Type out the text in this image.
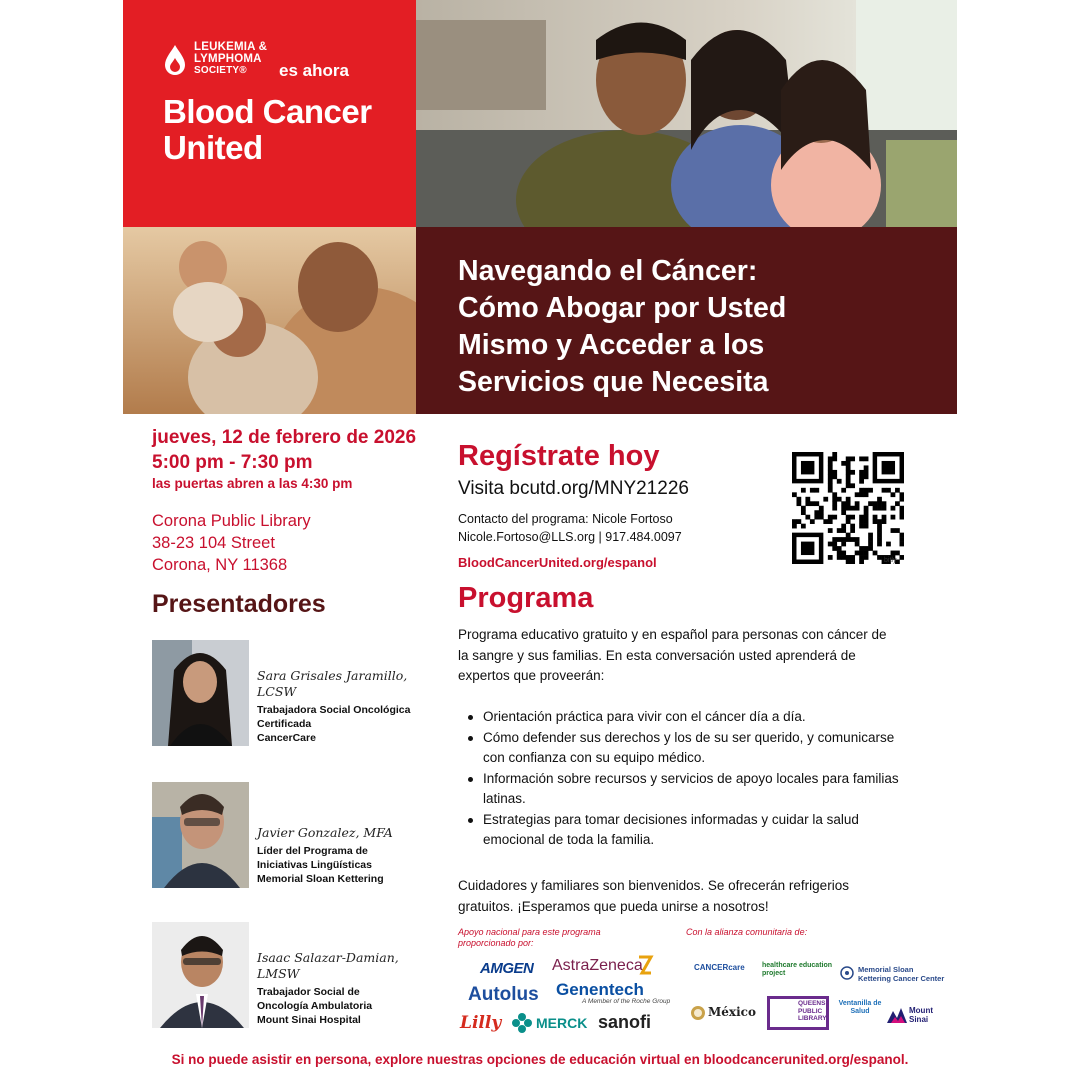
LEUKEMIA &
LYMPHOMA
SOCIETY®	es ahora
Blood Cancer
United
Navegando el Cáncer:
Cómo Abogar por Usted
Mismo y Acceder a los
Servicios que Necesita
jueves, 12 de febrero de 2026
5:00 pm - 7:30 pm
las puertas abren a las 4:30 pm
Corona Public Library
38-23 104 Street
Corona, NY 11368
Presentadores
Sara Grisales Jaramillo,
LCSW
Trabajadora Social Oncológica
Certificada
CancerCare
Javier Gonzalez, MFA
Líder del Programa de
Iniciativas Lingüísticas
Memorial Sloan Kettering
Isaac Salazar-Damian,
LMSW
Trabajador Social de
Oncología Ambulatoria
Mount Sinai Hospital
Regístrate hoy
Visita bcutd.org/MNY21226
Contacto del programa: Nicole Fortoso
Nicole.Fortoso@LLS.org | 917.484.0097
BloodCancerUnited.org/espanol	bitly
Programa
Programa educativo gratuito y en español para personas con cáncer de la sangre y sus familias. En esta conversación usted aprenderá de expertos que proveerán:
Orientación práctica para vivir con el cáncer día a día.
Cómo defender sus derechos y los de su ser querido, y comunicarse con confianza con su equipo médico.
Información sobre recursos y servicios de apoyo locales para familias latinas.
Estrategias para tomar decisiones informadas y cuidar la salud emocional de toda la familia.
Cuidadores y familiares son bienvenidos. Se ofrecerán refrigerios gratuitos. ¡Esperamos que pueda unirse a nosotros!
Apoyo nacional para este programa
proporcionado por:
AMGEN AstraZeneca
Autolus Genentech
A Member of the Roche Group
Lilly MERCK sanofi
Con la alianza comunitaria de:
CANCERcare healthcare education project	Memorial Sloan Kettering Cancer Center
México
QUEENS PUBLIC LIBRARY
Ventanilla de Salud	Mount Sinai
Si no puede asistir en persona, explore nuestras opciones de educación virtual en bloodcancerunited.org/espanol.
